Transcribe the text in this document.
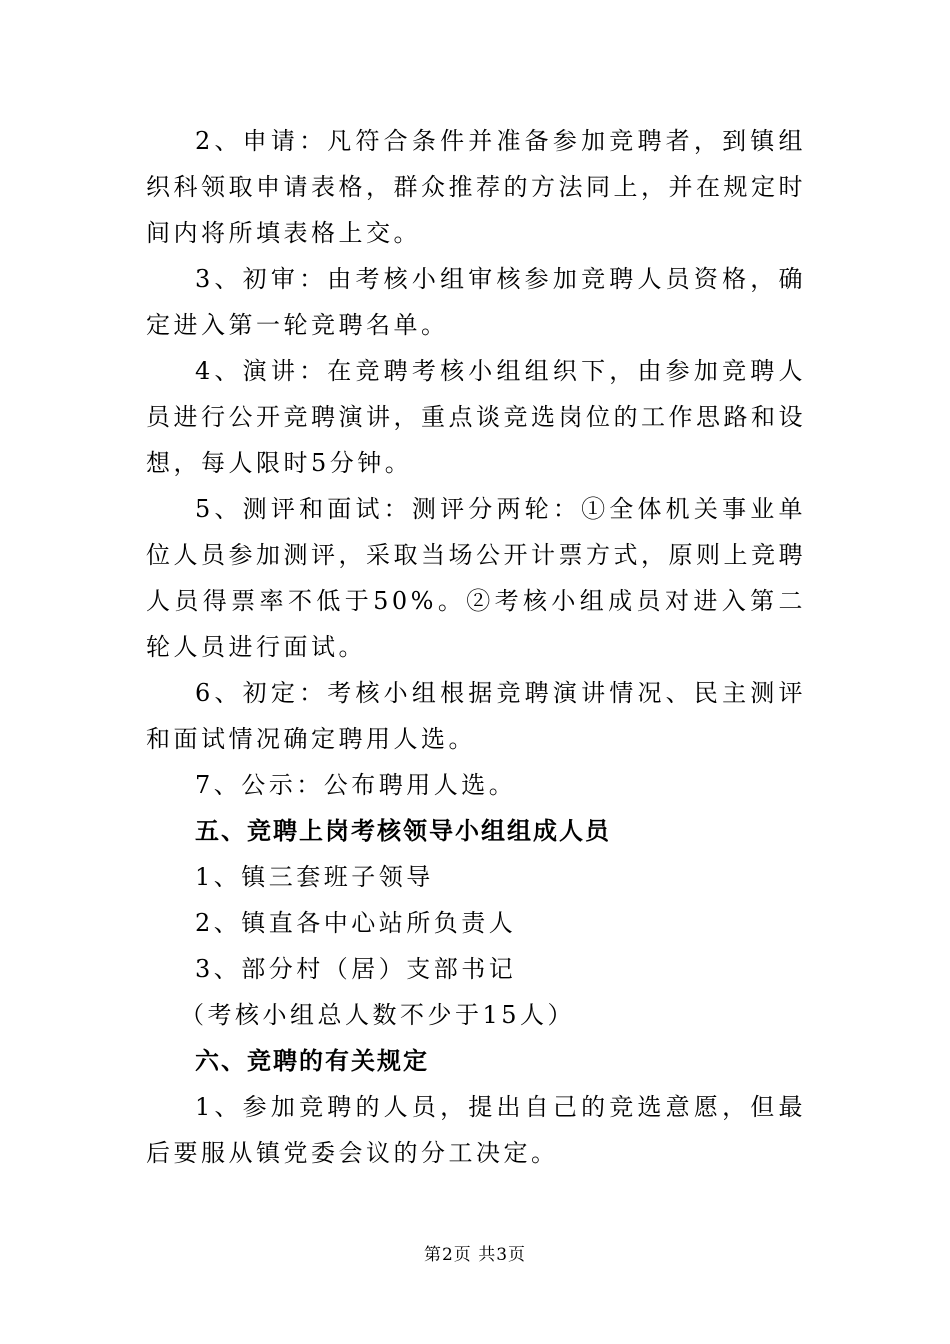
2、申请：凡符合条件并准备参加竞聘者，到镇组织科领取申请表格，群众推荐的方法同上，并在规定时间内将所填表格上交。

3、初审：由考核小组审核参加竞聘人员资格，确定进入第一轮竞聘名单。

4、演讲：在竞聘考核小组组织下，由参加竞聘人员进行公开竞聘演讲，重点谈竞选岗位的工作思路和设想，每人限时5分钟。

5、测评和面试：测评分两轮：①全体机关事业单位人员参加测评，采取当场公开计票方式，原则上竞聘人员得票率不低于50%。②考核小组成员对进入第二轮人员进行面试。

6、初定：考核小组根据竞聘演讲情况、民主测评和面试情况确定聘用人选。

7、公示：公布聘用人选。

五、竞聘上岗考核领导小组组成人员

1、镇三套班子领导

2、镇直各中心站所负责人

3、部分村（居）支部书记

（考核小组总人数不少于15人）

六、竞聘的有关规定

1、参加竞聘的人员，提出自己的竞选意愿，但最后要服从镇党委会议的分工决定。

第2页 共3页
